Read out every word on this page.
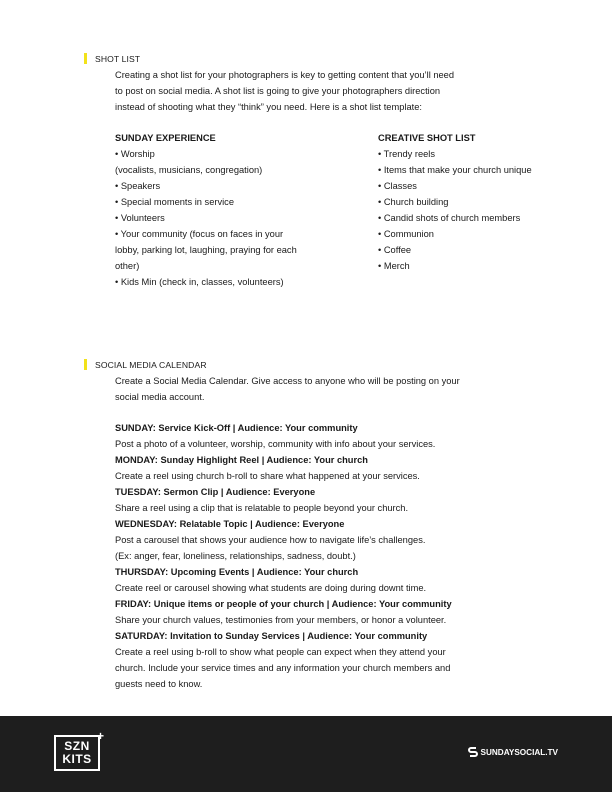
SHOT LIST

Creating a shot list for your photographers is key to getting content that you’ll need
to post on social media. A shot list is going to give your photographers direction
instead of shooting what they “think” you need. Here is a shot list template:

SUNDAY EXPERIENCE
• Worship
(vocalists, musicians, congregation)
• Speakers
• Special moments in service
• Volunteers
• Your community (focus on faces in your
lobby, parking lot, laughing, praying for each
other)
• Kids Min (check in, classes, volunteers)
CREATIVE SHOT LIST
• Trendy reels
• Items that make your church unique
• Classes
• Church building
• Candid shots of church members
• Communion
• Coffee
• Merch
SOCIAL MEDIA CALENDAR

Create a Social Media Calendar. Give access to anyone who will be posting on your
social media account.

SUNDAY: Service Kick-Off | Audience: Your community
Post a photo of a volunteer, worship, community with info about your services.
MONDAY: Sunday Highlight Reel | Audience: Your church
Create a reel using church b-roll to share what happened at your services.
TUESDAY: Sermon Clip | Audience: Everyone
Share a reel using a clip that is relatable to people beyond your church.
WEDNESDAY: Relatable Topic | Audience: Everyone
Post a carousel that shows your audience how to navigate life’s challenges.
(Ex: anger, fear, loneliness, relationships, sadness, doubt.)
THURSDAY: Upcoming Events | Audience: Your church
Create reel or carousel showing what students are doing during downt time.
FRIDAY: Unique items or people of your church | Audience: Your community
Share your church values, testimonies from your members, or honor a volunteer.
SATURDAY: Invitation to Sunday Services | Audience: Your community
Create a reel using b-roll to show what people can expect when they attend your
church. Include your service times and any information your church members and
guests need to know.
SZN
KITS
+
SUNDAYSOCIAL.TV
